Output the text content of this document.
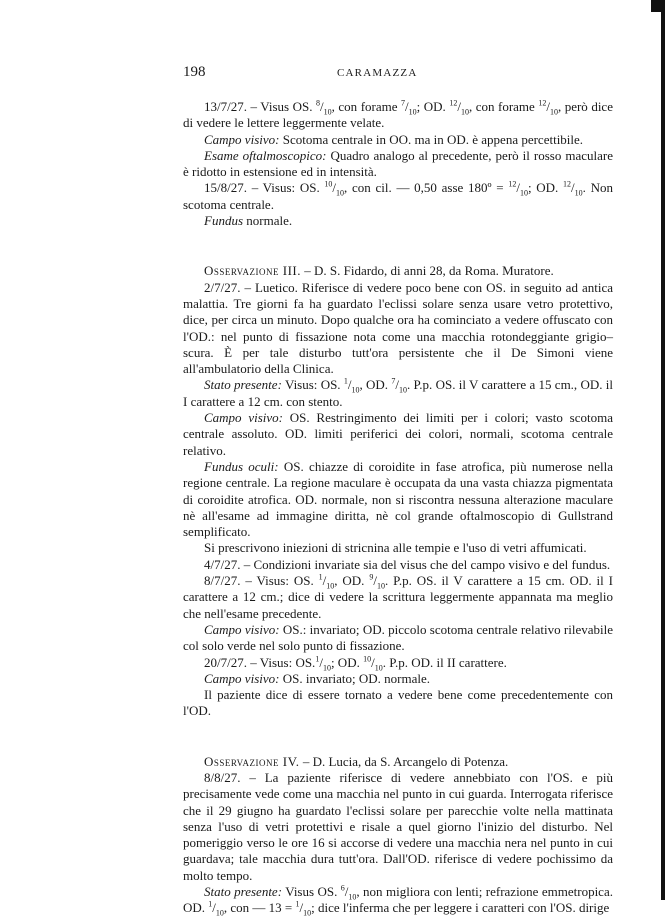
198	CARAMAZZA

13/7/27. – Visus OS. $^8/_{10}$, con forame $^7/_{10}$; OD. $^{12}/_{10}$, con forame $^{12}/_{10}$, però dice di vedere le lettere leggermente velate.

Campo visivo: Scotoma centrale in OO. ma in OD. è appena percettibile.

Esame oftalmoscopico: Quadro analogo al precedente, però il rosso maculare è ridotto in estensione ed in intensità.

15/8/27. – Visus: OS. $^{10}/_{10}$, con cil. — 0,50 asse 180º = $^{12}/_{10}$; OD. $^{12}/_{10}$. Non scotoma centrale.

Fundus normale.

Osservazione III. – D. S. Fidardo, di anni 28, da Roma. Muratore.

2/7/27. – Luetico. Riferisce di vedere poco bene con OS. in seguito ad antica malattia. Tre giorni fa ha guardato l'eclissi solare senza usare vetro protettivo, dice, per circa un minuto. Dopo qualche ora ha cominciato a vedere offuscato con l'OD.: nel punto di fissazione nota come una macchia rotondeggiante grigio–scura. È per tale disturbo tutt'ora persistente che il De Simoni viene all'ambulatorio della Clinica.

Stato presente: Visus: OS. $^1/_{10}$, OD. $^7/_{10}$. P.p. OS. il V carattere a 15 cm., OD. il I carattere a 12 cm. con stento.

Campo visivo: OS. Restringimento dei limiti per i colori; vasto scotoma centrale assoluto. OD. limiti periferici dei colori, normali, scotoma centrale relativo.

Fundus oculi: OS. chiazze di coroidite in fase atrofica, più numerose nella regione centrale. La regione maculare è occupata da una vasta chiazza pigmentata di coroidite atrofica. OD. normale, non si riscontra nessuna alterazione maculare nè all'esame ad immagine diritta, nè col grande oftalmoscopio di Gullstrand semplificato.

Si prescrivono iniezioni di stricnina alle tempie e l'uso di vetri affumicati.

4/7/27. – Condizioni invariate sia del visus che del campo visivo e del fundus.

8/7/27. – Visus: OS. $^1/_{10}$, OD. $^9/_{10}$. P.p. OS. il V carattere a 15 cm. OD. il I carattere a 12 cm.; dice di vedere la scrittura leggermente appannata ma meglio che nell'esame precedente.

Campo visivo: OS.: invariato; OD. piccolo scotoma centrale relativo rilevabile col solo verde nel solo punto di fissazione.

20/7/27. – Visus: $OS.^1/_{10}$; OD. $^{10}/_{10}$. P.p. OD. il II carattere.

Campo visivo: OS. invariato; OD. normale.

Il paziente dice di essere tornato a vedere bene come precedentemente con l'OD.

Osservazione IV. – D. Lucia, da S. Arcangelo di Potenza.

8/8/27. – La paziente riferisce di vedere annebbiato con l'OS. e più precisamente vede come una macchia nel punto in cui guarda. Interrogata riferisce che il 29 giugno ha guardato l'eclissi solare per parecchie volte nella mattinata senza l'uso di vetri protettivi e risale a quel giorno l'inizio del disturbo. Nel pomeriggio verso le ore 16 si accorse di vedere una macchia nera nel punto in cui guardava; tale macchia dura tutt'ora. Dall'OD. riferisce di vedere pochissimo da molto tempo.

Stato presente: Visus OS. $^6/_{10}$, non migliora con lenti; refrazione emmetropica. OD. $^1/_{10}$, con — $13 = ^1/_{10}$; dice l'inferma che per leggere i caratteri con l'OS. dirige
